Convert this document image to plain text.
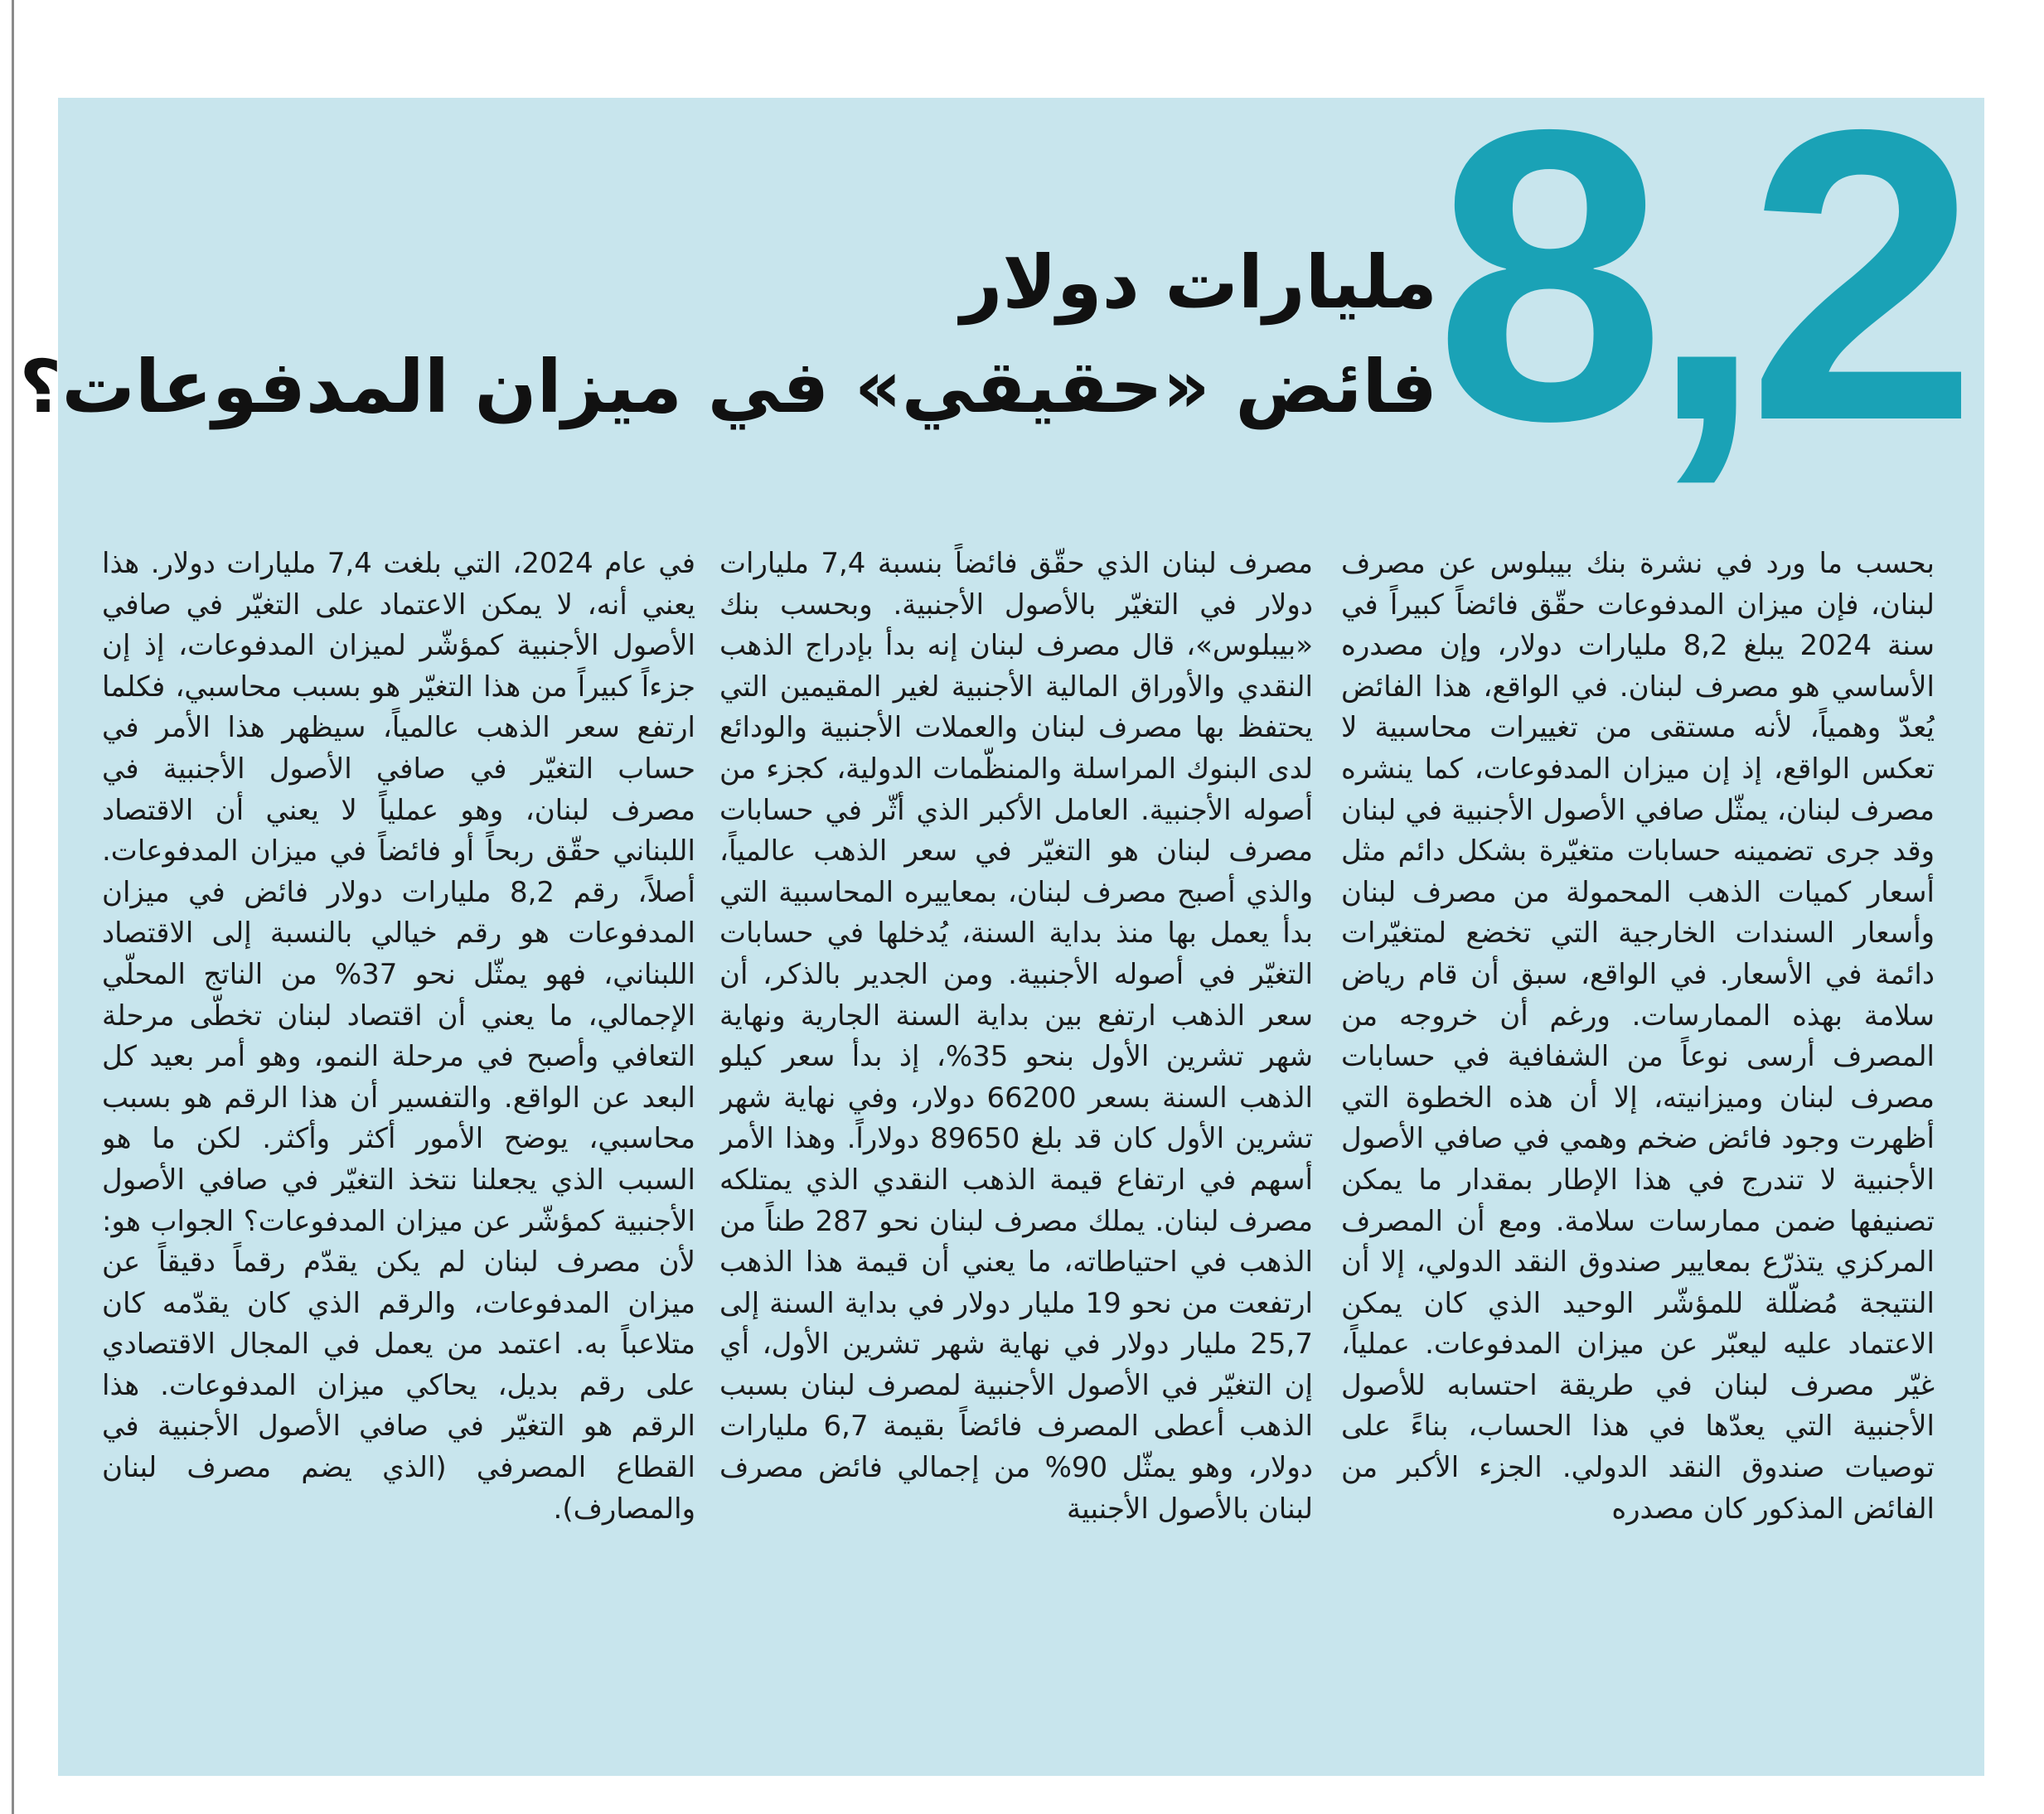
8,2
مليارات دولار
فائض «حقيقي» في ميزان المدفوعات؟

بحسب ما ورد في نشرة بنك بيبلوس عن مصرف لبنان، فإن ميزان المدفوعات حقّق فائضاً كبيراً في سنة 2024 يبلغ 8,2 مليارات دولار، وإن مصدره الأساسي هو مصرف لبنان. في الواقع، هذا الفائض يُعدّ وهمياً، لأنه مستقى من تغييرات محاسبية لا تعكس الواقع، إذ إن ميزان المدفوعات، كما ينشره مصرف لبنان، يمثّل صافي الأصول الأجنبية في لبنان وقد جرى تضمينه حسابات متغيّرة بشكل دائم مثل أسعار كميات الذهب المحمولة من مصرف لبنان وأسعار السندات الخارجية التي تخضع لمتغيّرات دائمة في الأسعار. في الواقع، سبق أن قام رياض سلامة بهذه الممارسات. ورغم أن خروجه من المصرف أرسى نوعاً من الشفافية في حسابات مصرف لبنان وميزانيته، إلا أن هذه الخطوة التي أظهرت وجود فائض ضخم وهمي في صافي الأصول الأجنبية لا تندرج في هذا الإطار بمقدار ما يمكن تصنيفها ضمن ممارسات سلامة. ومع أن المصرف المركزي يتذرّع بمعايير صندوق النقد الدولي، إلا أن النتيجة مُضلّلة للمؤشّر الوحيد الذي كان يمكن الاعتماد عليه ليعبّر عن ميزان المدفوعات. عملياً، غيّر مصرف لبنان في طريقة احتسابه للأصول الأجنبية التي يعدّها في هذا الحساب، بناءً على توصيات صندوق النقد الدولي. الجزء الأكبر من الفائض المذكور كان مصدره

مصرف لبنان الذي حقّق فائضاً بنسبة 7,4 مليارات دولار في التغيّر بالأصول الأجنبية. وبحسب بنك «بيبلوس»، قال مصرف لبنان إنه بدأ بإدراج الذهب النقدي والأوراق المالية الأجنبية لغير المقيمين التي يحتفظ بها مصرف لبنان والعملات الأجنبية والودائع لدى البنوك المراسلة والمنظّمات الدولية، كجزء من أصوله الأجنبية. العامل الأكبر الذي أثّر في حسابات مصرف لبنان هو التغيّر في سعر الذهب عالمياً، والذي أصبح مصرف لبنان، بمعاييره المحاسبية التي بدأ يعمل بها منذ بداية السنة، يُدخلها في حسابات التغيّر في أصوله الأجنبية. ومن الجدير بالذكر، أن سعر الذهب ارتفع بين بداية السنة الجارية ونهاية شهر تشرين الأول بنحو 35%، إذ بدأ سعر كيلو الذهب السنة بسعر 66200 دولار، وفي نهاية شهر تشرين الأول كان قد بلغ 89650 دولاراً. وهذا الأمر أسهم في ارتفاع قيمة الذهب النقدي الذي يمتلكه مصرف لبنان. يملك مصرف لبنان نحو 287 طناً من الذهب في احتياطاته، ما يعني أن قيمة هذا الذهب ارتفعت من نحو 19 مليار دولار في بداية السنة إلى 25,7 مليار دولار في نهاية شهر تشرين الأول، أي إن التغيّر في الأصول الأجنبية لمصرف لبنان بسبب الذهب أعطى المصرف فائضاً بقيمة 6,7 مليارات دولار، وهو يمثّل 90% من إجمالي فائض مصرف لبنان بالأصول الأجنبية

في عام 2024، التي بلغت 7,4 مليارات دولار. هذا يعني أنه، لا يمكن الاعتماد على التغيّر في صافي الأصول الأجنبية كمؤشّر لميزان المدفوعات، إذ إن جزءاً كبيراً من هذا التغيّر هو بسبب محاسبي، فكلما ارتفع سعر الذهب عالمياً، سيظهر هذا الأمر في حساب التغيّر في صافي الأصول الأجنبية في مصرف لبنان، وهو عملياً لا يعني أن الاقتصاد اللبناني حقّق ربحاً أو فائضاً في ميزان المدفوعات. أصلاً، رقم 8,2 مليارات دولار فائض في ميزان المدفوعات هو رقم خيالي بالنسبة إلى الاقتصاد اللبناني، فهو يمثّل نحو 37% من الناتج المحلّي الإجمالي، ما يعني أن اقتصاد لبنان تخطّى مرحلة التعافي وأصبح في مرحلة النمو، وهو أمر بعيد كل البعد عن الواقع. والتفسير أن هذا الرقم هو بسبب محاسبي، يوضح الأمور أكثر وأكثر. لكن ما هو السبب الذي يجعلنا نتخذ التغيّر في صافي الأصول الأجنبية كمؤشّر عن ميزان المدفوعات؟ الجواب هو: لأن مصرف لبنان لم يكن يقدّم رقماً دقيقاً عن ميزان المدفوعات، والرقم الذي كان يقدّمه كان متلاعباً به. اعتمد من يعمل في المجال الاقتصادي على رقم بديل، يحاكي ميزان المدفوعات. هذا الرقم هو التغيّر في صافي الأصول الأجنبية في القطاع المصرفي (الذي يضم مصرف لبنان والمصارف).
